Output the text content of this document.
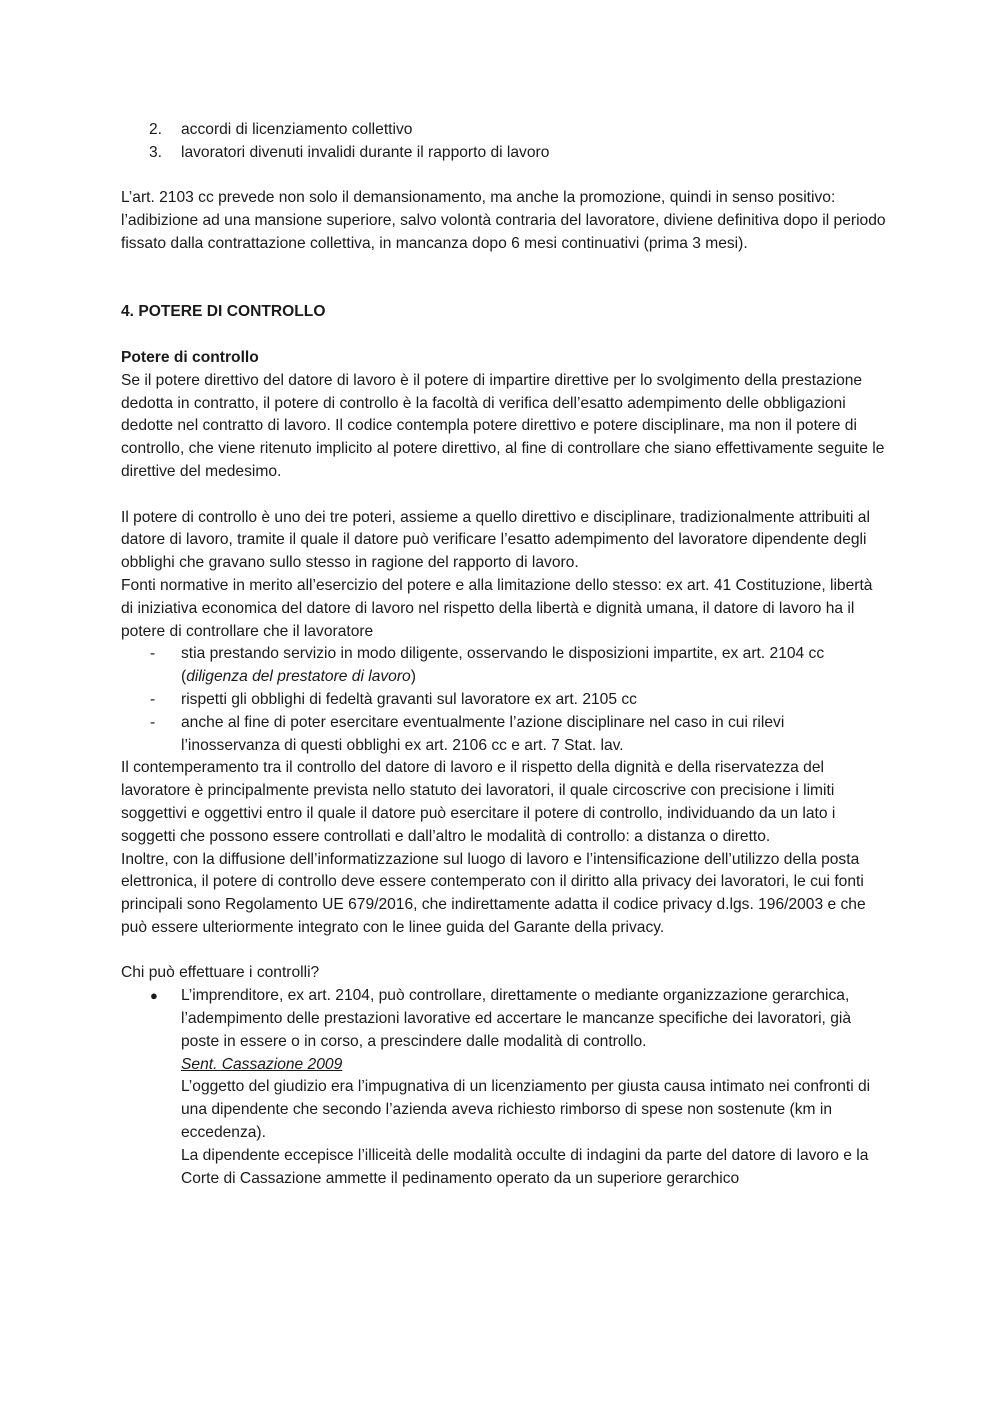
2. accordi di licenziamento collettivo
3. lavoratori divenuti invalidi durante il rapporto di lavoro

L’art. 2103 cc prevede non solo il demansionamento, ma anche la promozione, quindi in senso positivo: l’adibizione ad una mansione superiore, salvo volontà contraria del lavoratore, diviene definitiva dopo il periodo fissato dalla contrattazione collettiva, in mancanza dopo 6 mesi continuativi (prima 3 mesi).

4. POTERE DI CONTROLLO

Potere di controllo

Se il potere direttivo del datore di lavoro è il potere di impartire direttive per lo svolgimento della prestazione dedotta in contratto, il potere di controllo è la facoltà di verifica dell’esatto adempimento delle obbligazioni dedotte nel contratto di lavoro. Il codice contempla potere direttivo e potere disciplinare, ma non il potere di controllo, che viene ritenuto implicito al potere direttivo, al fine di controllare che siano effettivamente seguite le direttive del medesimo.

Il potere di controllo è uno dei tre poteri, assieme a quello direttivo e disciplinare, tradizionalmente attribuiti al datore di lavoro, tramite il quale il datore può verificare l’esatto adempimento del lavoratore dipendente degli obblighi che gravano sullo stesso in ragione del rapporto di lavoro.

Fonti normative in merito all’esercizio del potere e alla limitazione dello stesso: ex art. 41 Costituzione, libertà di iniziativa economica del datore di lavoro nel rispetto della libertà e dignità umana, il datore di lavoro ha il potere di controllare che il lavoratore

- stia prestando servizio in modo diligente, osservando le disposizioni impartite, ex art. 2104 cc (diligenza del prestatore di lavoro)
- rispetti gli obblighi di fedeltà gravanti sul lavoratore ex art. 2105 cc
- anche al fine di poter esercitare eventualmente l’azione disciplinare nel caso in cui rilevi l’inosservanza di questi obblighi ex art. 2106 cc e art. 7 Stat. lav.

Il contemperamento tra il controllo del datore di lavoro e il rispetto della dignità e della riservatezza del lavoratore è principalmente prevista nello statuto dei lavoratori, il quale circoscrive con precisione i limiti soggettivi e oggettivi entro il quale il datore può esercitare il potere di controllo, individuando da un lato i soggetti che possono essere controllati e dall’altro le modalità di controllo: a distanza o diretto.

Inoltre, con la diffusione dell’informatizzazione sul luogo di lavoro e l’intensificazione dell’utilizzo della posta elettronica, il potere di controllo deve essere contemperato con il diritto alla privacy dei lavoratori, le cui fonti principali sono Regolamento UE 679/2016, che indirettamente adatta il codice privacy d.lgs. 196/2003 e che può essere ulteriormente integrato con le linee guida del Garante della privacy.

Chi può effettuare i controlli?

● L’imprenditore, ex art. 2104, può controllare, direttamente o mediante organizzazione gerarchica, l’adempimento delle prestazioni lavorative ed accertare le mancanze specifiche dei lavoratori, già poste in essere o in corso, a prescindere dalle modalità di controllo.

Sent. Cassazione 2009

L’oggetto del giudizio era l’impugnativa di un licenziamento per giusta causa intimato nei confronti di una dipendente che secondo l’azienda aveva richiesto rimborso di spese non sostenute (km in eccedenza).

La dipendente eccepisce l’illiceità delle modalità occulte di indagini da parte del datore di lavoro e la Corte di Cassazione ammette il pedinamento operato da un superiore gerarchico
